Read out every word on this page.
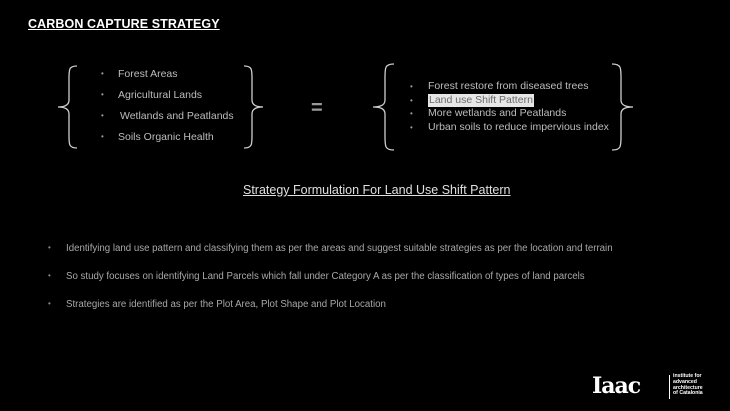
CARBON CAPTURE STRATEGY
• Forest Areas
• Agricultural Lands
• Wetlands and Peatlands
• Soils Organic Health
=
• Forest restore from diseased trees
• Land use Shift Pattern
• More wetlands and Peatlands
• Urban soils to reduce impervious index
Strategy Formulation For Land Use Shift Pattern
• Identifying land use pattern and classifying them as per the areas and suggest suitable strategies as per the location and terrain
• So study focuses on identifying Land Parcels which fall under Category A as per the classification of types of land parcels
• Strategies are identified as per the Plot Area, Plot Shape and Plot Location
Iaac	institute for
advanced
architecture
of Catalonia
